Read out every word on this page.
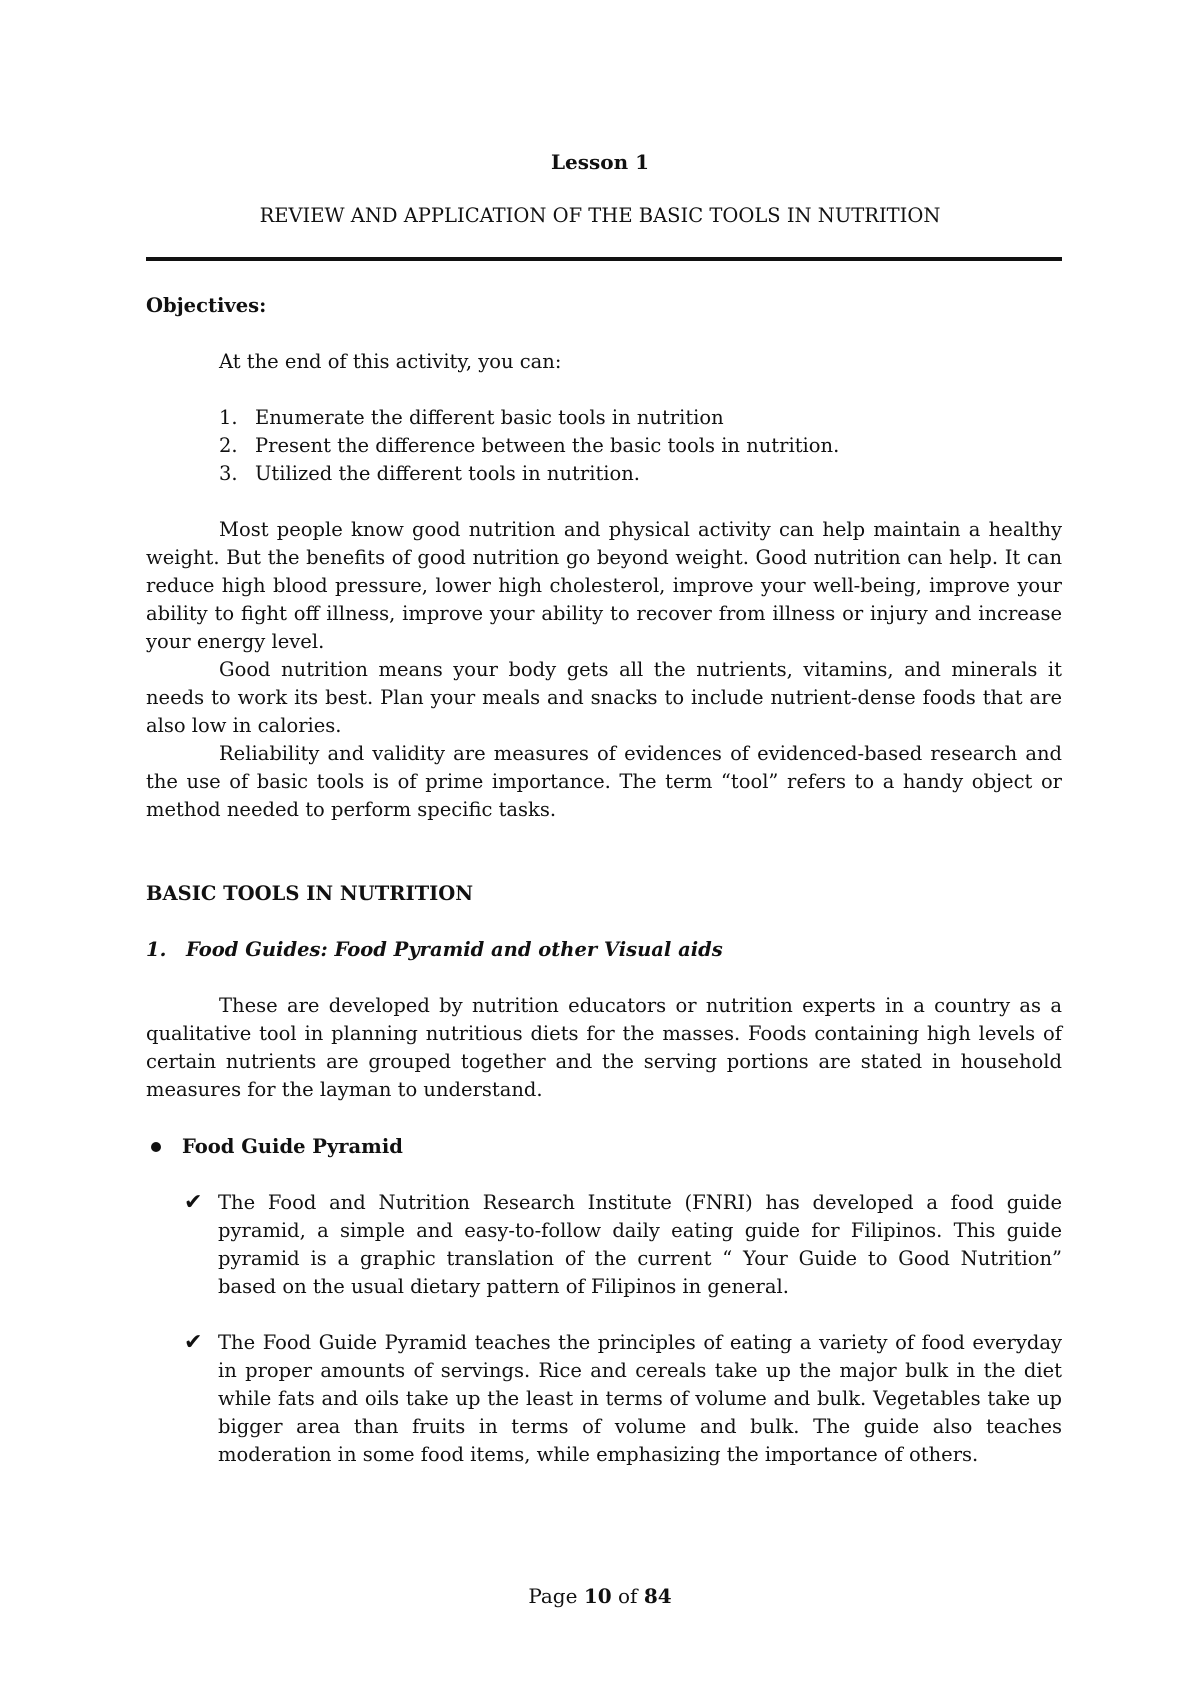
Lesson 1
REVIEW AND APPLICATION OF THE BASIC TOOLS IN NUTRITION
Objectives:
At the end of this activity, you can:
1. Enumerate the different basic tools in nutrition
2. Present the difference between the basic tools in nutrition.
3. Utilized the different tools in nutrition.

Most people know good nutrition and physical activity can help maintain a healthy weight. But the benefits of good nutrition go beyond weight. Good nutrition can help. It can reduce high blood pressure, lower high cholesterol, improve your well-being, improve your ability to fight off illness, improve your ability to recover from illness or injury and increase your energy level.

Good nutrition means your body gets all the nutrients, vitamins, and minerals it needs to work its best. Plan your meals and snacks to include nutrient-dense foods that are also low in calories.

Reliability and validity are measures of evidences of evidenced-based research and the use of basic tools is of prime importance. The term “tool” refers to a handy object or method needed to perform specific tasks.

BASIC TOOLS IN NUTRITION
1. Food Guides: Food Pyramid and other Visual aids

These are developed by nutrition educators or nutrition experts in a country as a qualitative tool in planning nutritious diets for the masses. Foods containing high levels of certain nutrients are grouped together and the serving portions are stated in household measures for the layman to understand.

Food Guide Pyramid
✔ The Food and Nutrition Research Institute (FNRI) has developed a food guide pyramid, a simple and easy-to-follow daily eating guide for Filipinos. This guide pyramid is a graphic translation of the current “ Your Guide to Good Nutrition” based on the usual dietary pattern of Filipinos in general.
✔ The Food Guide Pyramid teaches the principles of eating a variety of food everyday in proper amounts of servings. Rice and cereals take up the major bulk in the diet while fats and oils take up the least in terms of volume and bulk. Vegetables take up bigger area than fruits in terms of volume and bulk. The guide also teaches moderation in some food items, while emphasizing the importance of others.
Page 10 of 84
